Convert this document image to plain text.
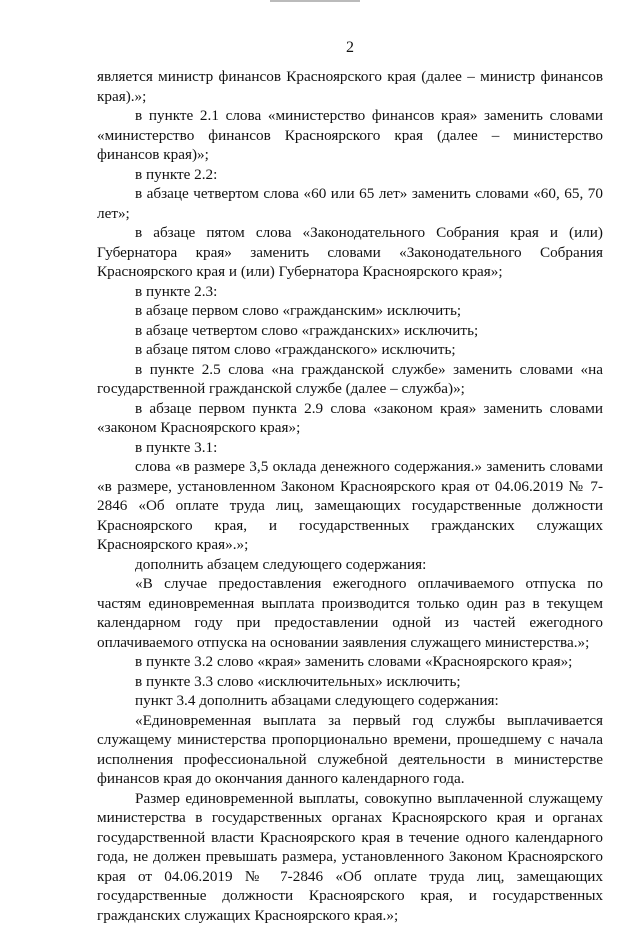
2

является министр финансов Красноярского края (далее – министр финансов края).»;

в пункте 2.1 слова «министерство финансов края» заменить словами «министерство финансов Красноярского края (далее – министерство финансов края)»;

в пункте 2.2:

в абзаце четвертом слова «60 или 65 лет» заменить словами «60, 65, 70 лет»;

в абзаце пятом слова «Законодательного Собрания края и (или) Губернатора края» заменить словами «Законодательного Собрания Красноярского края и (или) Губернатора Красноярского края»;

в пункте 2.3:

в абзаце первом слово «гражданским» исключить;

в абзаце четвертом слово «гражданских» исключить;

в абзаце пятом слово «гражданского» исключить;

в пункте 2.5 слова «на гражданской службе» заменить словами «на государственной гражданской службе (далее – служба)»;

в абзаце первом пункта 2.9 слова «законом края» заменить словами «законом Красноярского края»;

в пункте 3.1:

слова «в размере 3,5 оклада денежного содержания.» заменить словами «в размере, установленном Законом Красноярского края от 04.06.2019 № 7-2846 «Об оплате труда лиц, замещающих государственные должности Красноярского края, и государственных гражданских служащих Красноярского края».»;

дополнить абзацем следующего содержания:

«В случае предоставления ежегодного оплачиваемого отпуска по частям единовременная выплата производится только один раз в текущем календарном году при предоставлении одной из частей ежегодного оплачиваемого отпуска на основании заявления служащего министерства.»;

в пункте 3.2 слово «края» заменить словами «Красноярского края»;

в пункте 3.3 слово «исключительных» исключить;

пункт 3.4 дополнить абзацами следующего содержания:

«Единовременная выплата за первый год службы выплачивается служащему министерства пропорционально времени, прошедшему с начала исполнения профессиональной служебной деятельности в министерстве финансов края до окончания данного календарного года.

Размер единовременной выплаты, совокупно выплаченной служащему министерства в государственных органах Красноярского края и органах государственной власти Красноярского края в течение одного календарного года, не должен превышать размера, установленного Законом Красноярского края от 04.06.2019 № 7-2846 «Об оплате труда лиц, замещающих государственные должности Красноярского края, и государственных гражданских служащих Красноярского края.»;
